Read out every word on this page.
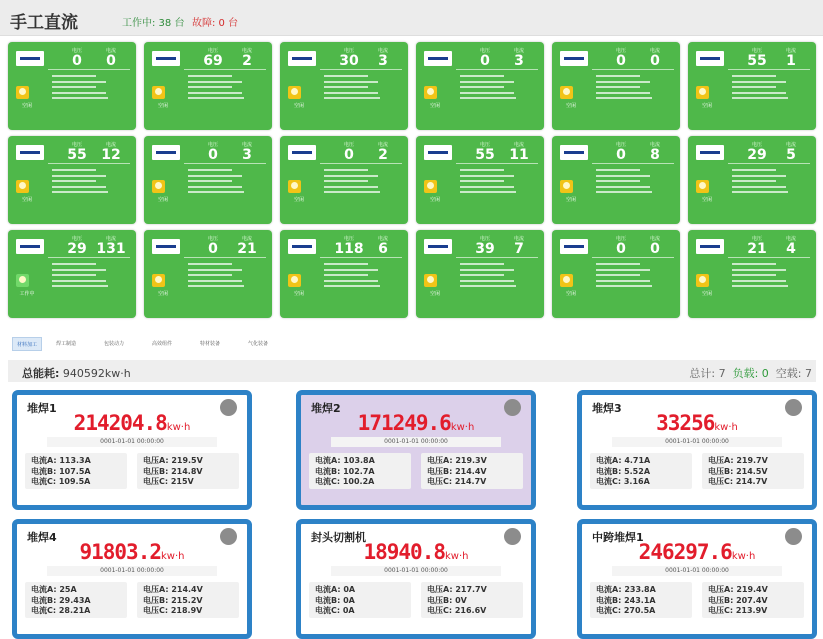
手工直流	工作中: 38 台 故障: 0 台
电压
0
电流
0
空闲
电压
69
电流
2
空闲
电压
30
电流
3
空闲
电压
0
电流
3
空闲
电压
0
电流
0
空闲
电压
55
电流
1
空闲
电压
55
电流
12
空闲
电压
0
电流
3
空闲
电压
0
电流
2
空闲
电压
55
电流
11
空闲
电压
0
电流
8
空闲
电压
29
电流
5
空闲
电压
29
电流
131
工作中
电压
0
电流
21
空闲
电压
118
电流
6
空闲
电压
39
电流
7
空闲
电压
0
电流
0
空闲
电压
21
电流
4
空闲
材料加工	焊工制造	包装动力	高效组件	特材装备	气化装备
总能耗: 940592kw·h	总计: 7 负载: 0 空载: 7
堆焊1
214204.8kw·h
0001-01-01 00:00:00
电流A: 113.3A
电流B: 107.5A
电流C: 109.5A
电压A: 219.5V
电压B: 214.8V
电压C: 215V
堆焊2
171249.6kw·h
0001-01-01 00:00:00
电流A: 103.8A
电流B: 102.7A
电流C: 100.2A
电压A: 219.3V
电压B: 214.4V
电压C: 214.7V
堆焊3
33256kw·h
0001-01-01 00:00:00
电流A: 4.71A
电流B: 5.52A
电流C: 3.16A
电压A: 219.7V
电压B: 214.5V
电压C: 214.7V
堆焊4
91803.2kw·h
0001-01-01 00:00:00
电流A: 25A
电流B: 29.43A
电流C: 28.21A
电压A: 214.4V
电压B: 215.2V
电压C: 218.9V
封头切割机
18940.8kw·h
0001-01-01 00:00:00
电流A: 0A
电流B: 0A
电流C: 0A
电压A: 217.7V
电压B: 0V
电压C: 216.6V
中跨堆焊1
246297.6kw·h
0001-01-01 00:00:00
电流A: 233.8A
电流B: 243.1A
电流C: 270.5A
电压A: 219.4V
电压B: 207.4V
电压C: 213.9V
